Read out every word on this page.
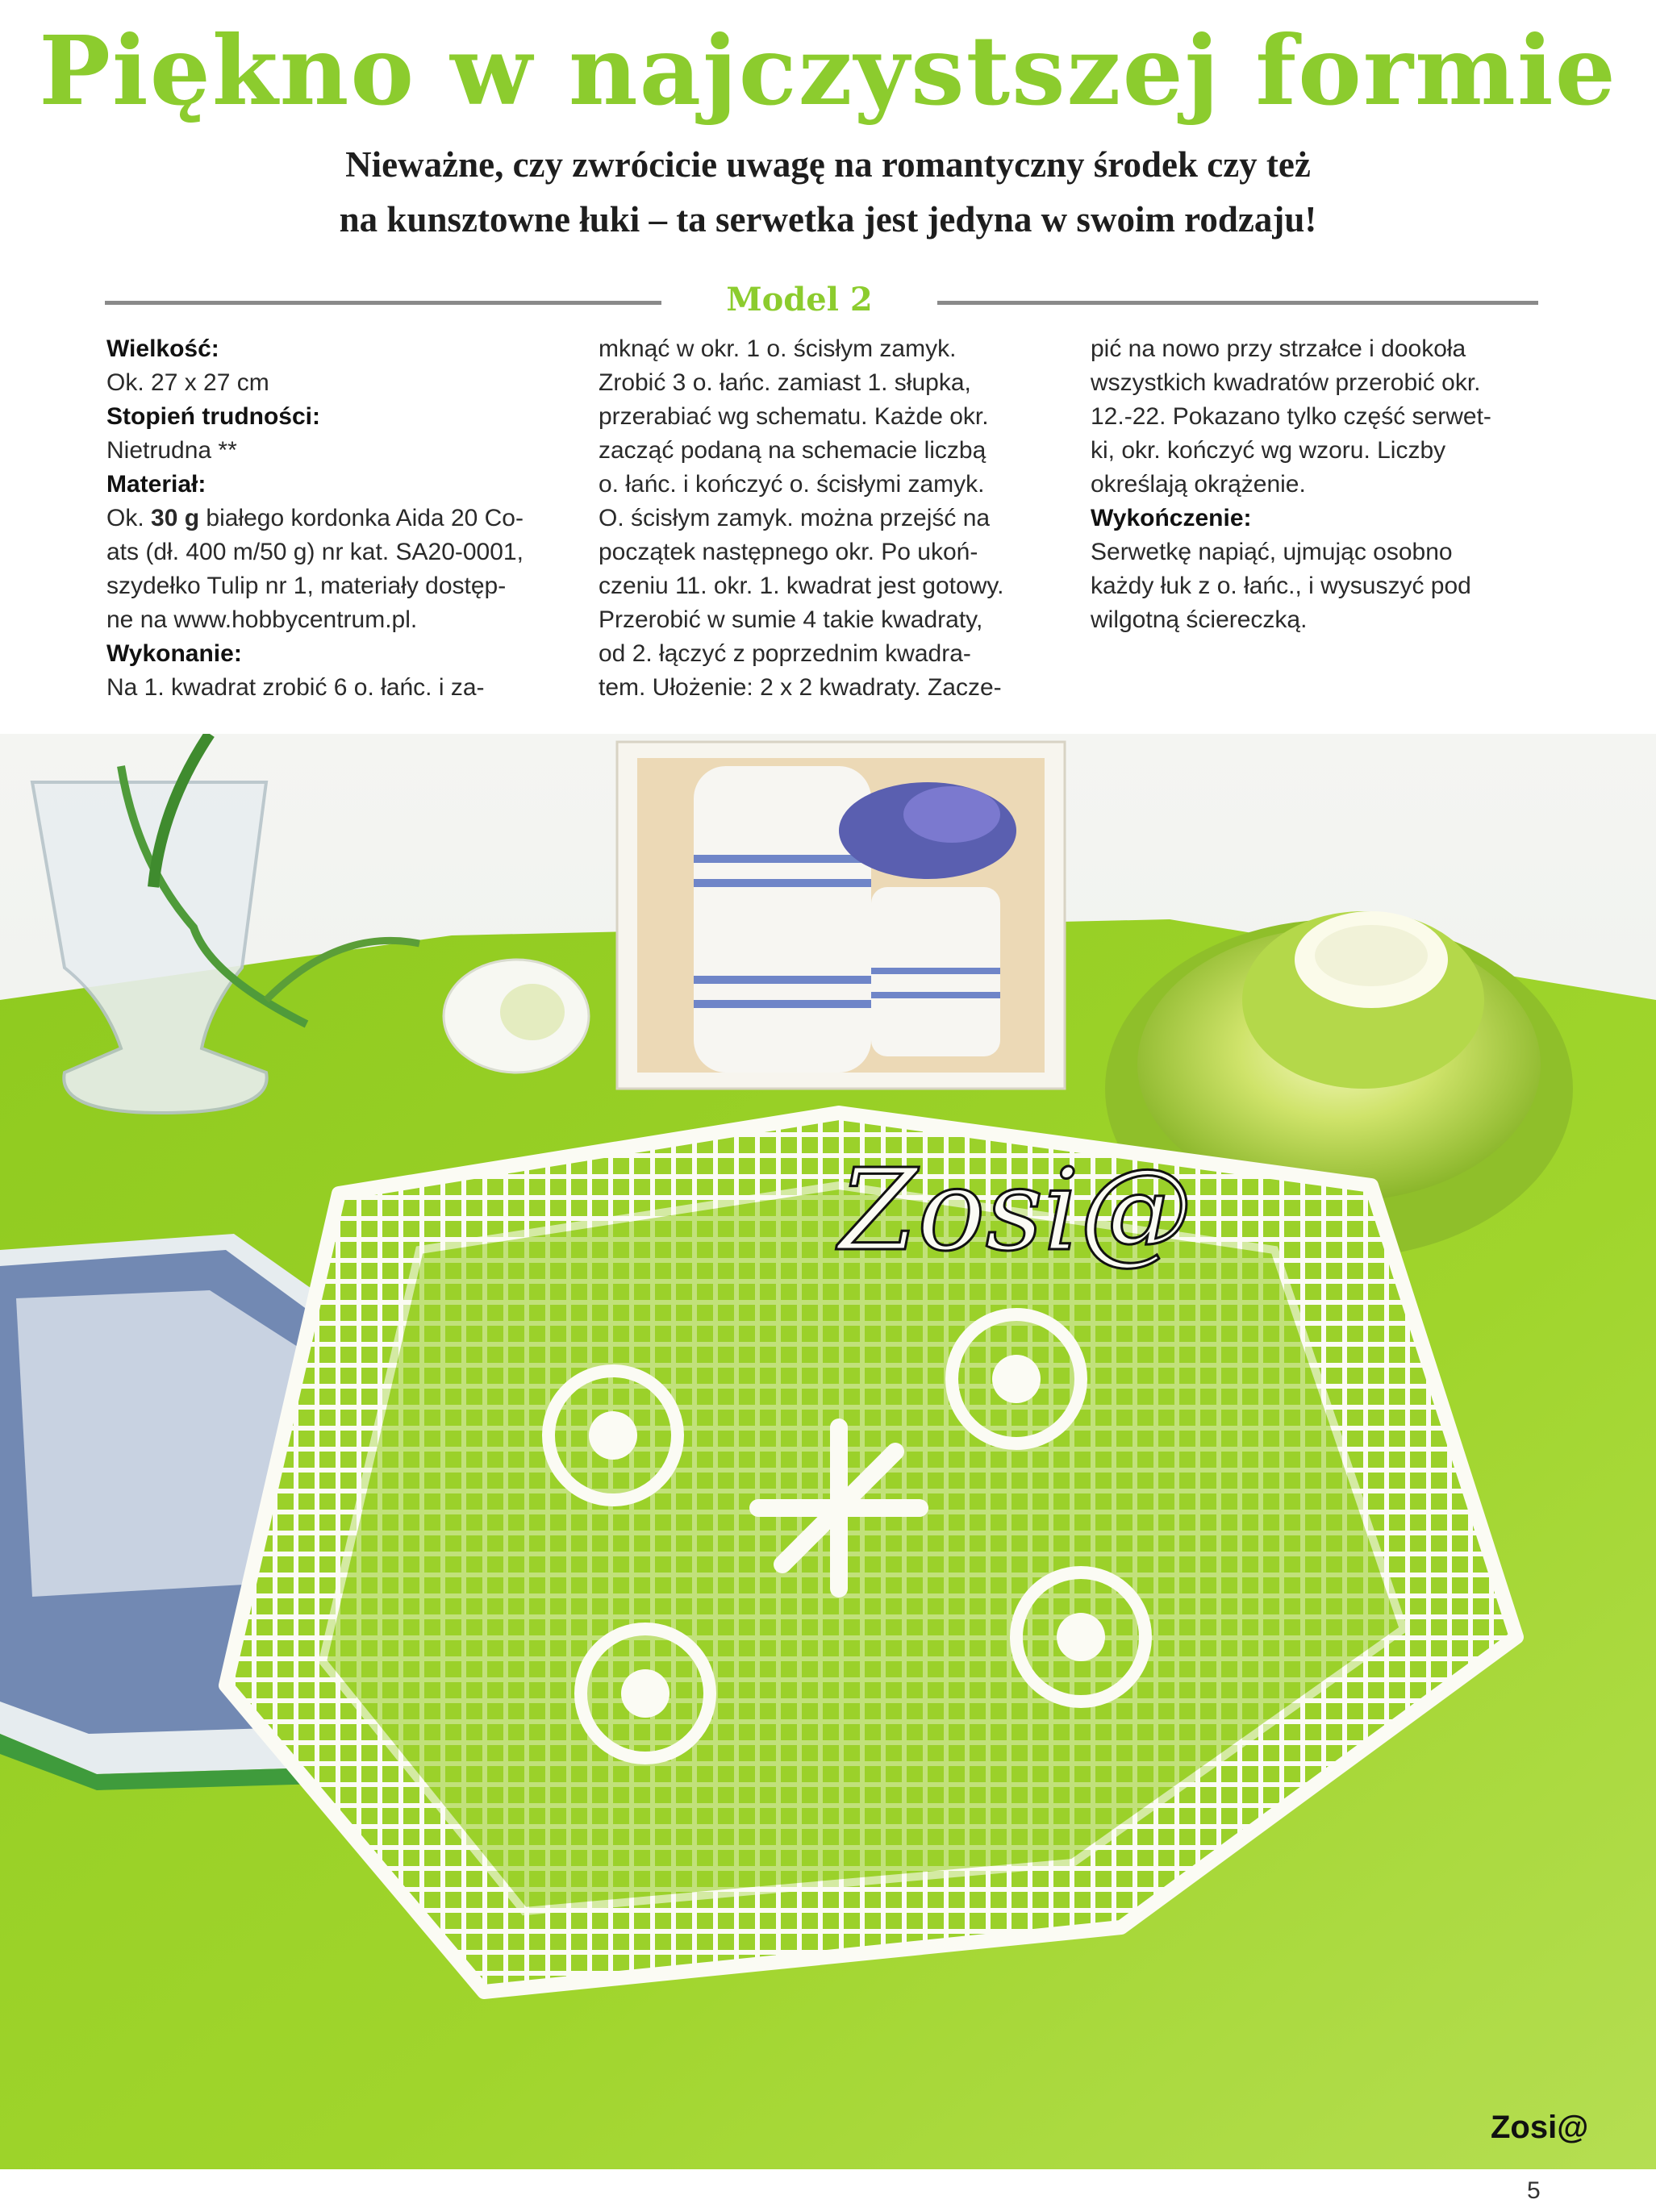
Piękno w najczystszej formie
Nieważne, czy zwrócicie uwagę na romantyczny środek czy też
na kunsztowne łuki – ta serwetka jest jedyna w swoim rodzaju!
Model 2
Wielkość:
Ok. 27 x 27 cm
Stopień trudności:
Nietrudna **
Materiał:
Ok. 30 g białego kordonka Aida 20 Co-
ats (dł. 400 m/50 g) nr kat. SA20-0001,
szydełko Tulip nr 1, materiały dostęp-
ne na www.hobbycentrum.pl.
Wykonanie:
Na 1. kwadrat zrobić 6 o. łańc. i za-
mknąć w okr. 1 o. ścisłym zamyk.
Zrobić 3 o. łańc. zamiast 1. słupka,
przerabiać wg schematu. Każde okr.
zacząć podaną na schemacie liczbą
o. łańc. i kończyć o. ścisłymi zamyk.
O. ścisłym zamyk. można przejść na
początek następnego okr. Po ukoń-
czeniu 11. okr. 1. kwadrat jest gotowy.
Przerobić w sumie 4 takie kwadraty,
od 2. łączyć z poprzednim kwadra-
tem. Ułożenie: 2 x 2 kwadraty. Zacze-
pić na nowo przy strzałce i dookoła
wszystkich kwadratów przerobić okr.
12.-22. Pokazano tylko część serwet-
ki, okr. kończyć wg wzoru. Liczby
określają okrążenie.
Wykończenie:
Serwetkę napiąć, ujmując osobno
każdy łuk z o. łańc., i wysuszyć pod
wilgotną ściereczką.
Zosi@
Zosi@
5
